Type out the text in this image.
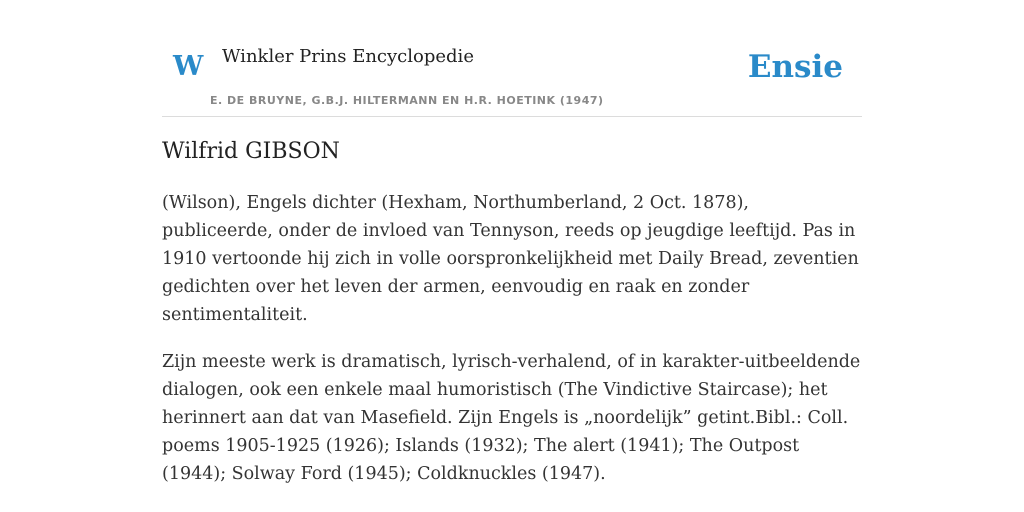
W Winkler Prins Encyclopedie
E. DE BRUYNE, G.B.J. HILTERMANN EN H.R. HOETINK (1947)
Ensie
Wilfrid GIBSON

(Wilson), Engels dichter (Hexham, Northumberland, 2 Oct. 1878), publiceerde, onder de invloed van Tennyson, reeds op jeugdige leeftijd. Pas in 1910 vertoonde hij zich in volle oorspronkelijkheid met Daily Bread, zeventien gedichten over het leven der armen, eenvoudig en raak en zonder sentimentaliteit.

Zijn meeste werk is dramatisch, lyrisch-verhalend, of in karakter-uitbeeldende dialogen, ook een enkele maal humoristisch (The Vindictive Staircase); het herinnert aan dat van Masefield. Zijn Engels is „noordelijk” getint.Bibl.: Coll. poems 1905-1925 (1926); Islands (1932); The alert (1941); The Outpost (1944); Solway Ford (1945); Coldknuckles (1947).
